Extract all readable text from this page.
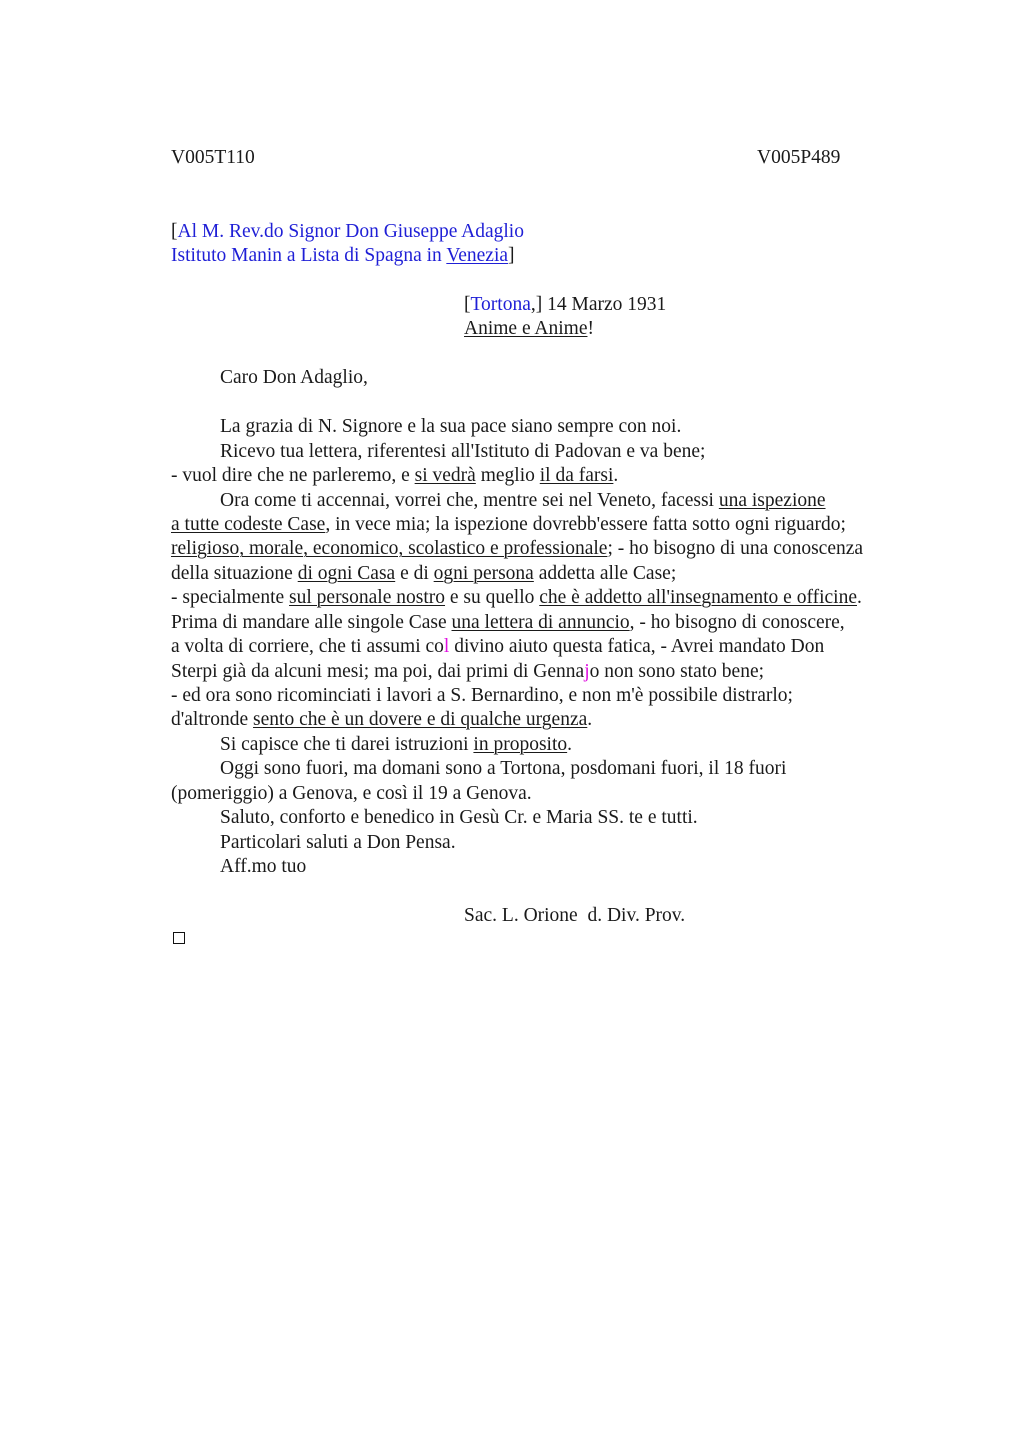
V005T110	V005P489
[Al M. Rev.do Signor Don Giuseppe Adaglio
Istituto Manin a Lista di Spagna in Venezia]
[Tortona,] 14 Marzo 1931
Anime e Anime!
Caro Don Adaglio,
La grazia di N. Signore e la sua pace siano sempre con noi.
Ricevo tua lettera, riferentesi all'Istituto di Padovan e va bene;
- vuol dire che ne parleremo, e si vedrà meglio il da farsi.
Ora come ti accennai, vorrei che, mentre sei nel Veneto, facessi una ispezione
a tutte codeste Case, in vece mia; la ispezione dovrebb'essere fatta sotto ogni riguardo;
religioso, morale, economico, scolastico e professionale; - ho bisogno di una conoscenza
della situazione di ogni Casa e di ogni persona addetta alle Case;
- specialmente sul personale nostro e su quello che è addetto all'insegnamento e officine.
Prima di mandare alle singole Case una lettera di annuncio, - ho bisogno di conoscere,
a volta di corriere, che ti assumi col divino aiuto questa fatica, - Avrei mandato Don
Sterpi già da alcuni mesi; ma poi, dai primi di Gennajo non sono stato bene;
- ed ora sono ricominciati i lavori a S. Bernardino, e non m'è possibile distrarlo;
d'altronde sento che è un dovere e di qualche urgenza.
Si capisce che ti darei istruzioni in proposito.
Oggi sono fuori, ma domani sono a Tortona, posdomani fuori, il 18 fuori
(pomeriggio) a Genova, e così il 19 a Genova.
Saluto, conforto e benedico in Gesù Cr. e Maria SS. te e tutti.
Particolari saluti a Don Pensa.
Aff.mo tuo
Sac. L. Orione  d. Div. Prov.
